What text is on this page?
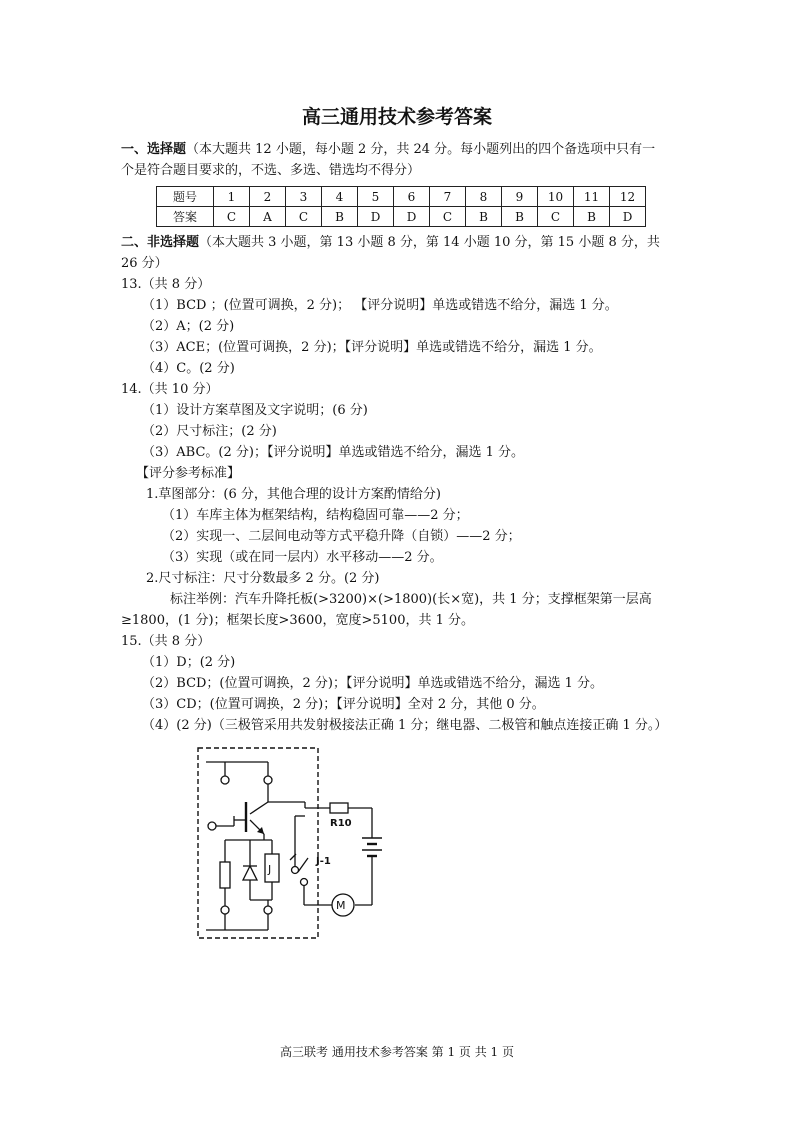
高三通用技术参考答案
一、选择题（本大题共 12 小题，每小题 2 分，共 24 分。每小题列出的四个备选项中只有一
个是符合题目要求的，不选、多选、错选均不得分）
题号	1	2	3	4	5	6	7	8	9	10	11	12
答案	C	A	C	B	D	D	C	B	B	C	B	D
二、非选择题（本大题共 3 小题，第 13 小题 8 分，第 14 小题 10 分，第 15 小题 8 分，共
26 分）
13.（共 8 分）
（1）BCD ；(位置可调换，2 分)； 【评分说明】单选或错选不给分，漏选 1 分。
（2）A；(2 分)
（3）ACE；(位置可调换，2 分)；【评分说明】单选或错选不给分，漏选 1 分。
（4）C。(2 分)
14.（共 10 分）
（1）设计方案草图及文字说明；(6 分)
（2）尺寸标注；(2 分)
（3）ABC。(2 分)；【评分说明】单选或错选不给分，漏选 1 分。
【评分参考标准】
1.草图部分：(6 分，其他合理的设计方案酌情给分)
（1）车库主体为框架结构，结构稳固可靠——2 分；
（2）实现一、二层间电动等方式平稳升降（自锁）——2 分；
（3）实现（或在同一层内）水平移动——2 分。
2.尺寸标注：尺寸分数最多 2 分。(2 分)
标注举例：汽车升降托板(>3200)×(>1800)(长×宽)，共 1 分；支撑框架第一层高
≥1800，(1 分)；框架长度>3600，宽度>5100，共 1 分。
15.（共 8 分）
（1）D；(2 分)
（2）BCD；(位置可调换，2 分)；【评分说明】单选或错选不给分，漏选 1 分。
（3）CD；(位置可调换，2 分)；【评分说明】全对 2 分，其他 0 分。
（4）(2 分)（三极管采用共发射极接法正确 1 分；继电器、二极管和触点连接正确 1 分。）
J
R10
M
J-1
高三联考 通用技术参考答案 第 1 页 共 1 页
